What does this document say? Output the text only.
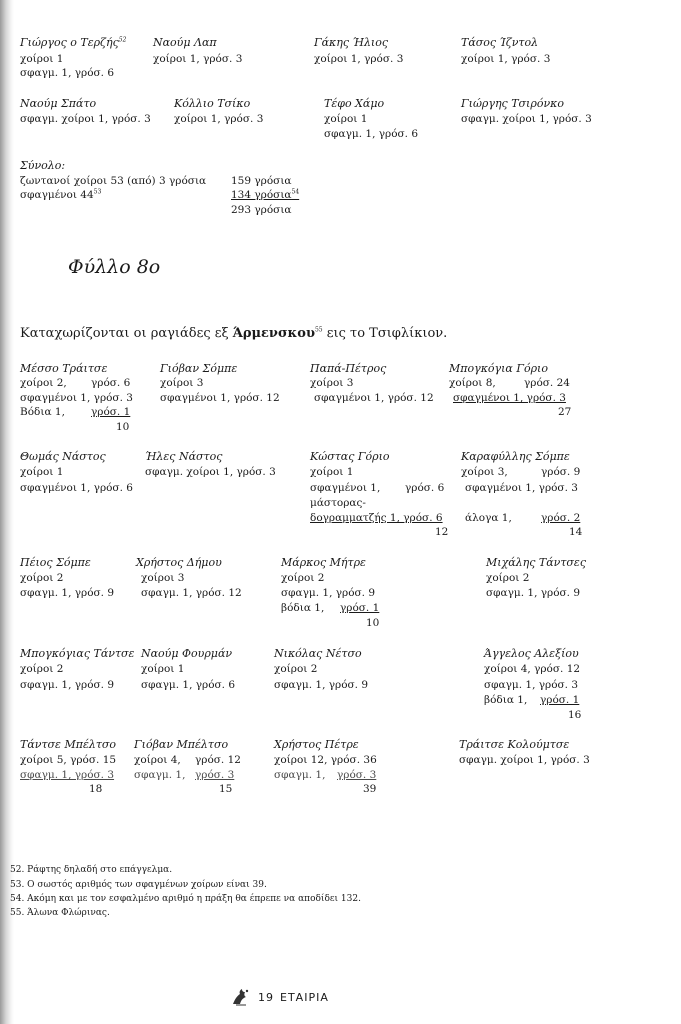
Γιώργος ο Τερζής$^{52}$
χοίροι 1
σφαγμ. 1, γρόσ. 6
Ναούμ Λαπ
χοίροι 1, γρόσ. 3
Γάκης Ήλιος
χοίροι 1, γρόσ. 3
Τάσος Ίζντολ
χοίροι 1, γρόσ. 3
Ναούμ Σπάτο
σφαγμ. χοίροι 1, γρόσ. 3
Κόλλιο Τσίκο
χοίροι 1, γρόσ. 3
Τέφο Χάμο
χοίροι 1
σφαγμ. 1, γρόσ. 6
Γιώργης Τσιρόνκο
σφαγμ. χοίροι 1, γρόσ. 3
Σύνολο:
ζωντανοί χοίροι 53 (από) 3 γρόσια 159 γρόσια
σφαγμένοι $44^{53}$	134 γρόσια$^{54}$
293 γρόσια
Φύλλο 8ο
Καταχωρίζονται οι ραγιάδες εξ Άρμενσκου$^{55}$ εις το Τσιφλίκιον.
Μέσσο Τράιτσε
χοίροι 2, γρόσ. 6
σφαγμένοι 1, γρόσ. 3
Βόδια 1, γρόσ. 1
10
Γιόβαν Σόμπε
χοίροι 3
σφαγμένοι 1, γρόσ. 12
Παπά-Πέτρος
χοίροι 3
σφαγμένοι 1, γρόσ. 12
Μπογκόγια Γόριο
χοίροι 8,	γρόσ. 24
σφαγμένοι 1, γρόσ. 3
27
Θωμάς Νάστος
χοίροι 1
σφαγμένοι 1, γρόσ. 6
Ήλες Νάστος
σφαγμ. χοίροι 1, γρόσ. 3
Κώστας Γόριο
χοίροι 1
σφαγμένοι 1, γρόσ. 6
μάστορας-
δογραμματζής 1, γρόσ. 6
12
Καραφύλλης Σόμπε
χοίροι 3,	γρόσ. 9
σφαγμένοι 1, γρόσ. 3
άλογα 1,	γρόσ. 2
14
Πέιος Σόμπε
χοίροι 2
σφαγμ. 1, γρόσ. 9
Χρήστος Δήμου
χοίροι 3
σφαγμ. 1, γρόσ. 12
Μάρκος Μήτρε
χοίροι 2
σφαγμ. 1, γρόσ. 9
βόδια 1, γρόσ. 1
10
Μιχάλης Τάντσες
χοίροι 2
σφαγμ. 1, γρόσ. 9
Μπογκόγιας Τάντσε
χοίροι 2
σφαγμ. 1, γρόσ. 9
Ναούμ Φουρμάν
χοίροι 1
σφαγμ. 1, γρόσ. 6
Νικόλας Νέτσο
χοίροι 2
σφαγμ. 1, γρόσ. 9
Άγγελος Αλεξίου
χοίροι 4, γρόσ. 12
σφαγμ. 1, γρόσ. 3
βόδια 1, γρόσ. 1
16
Τάντσε Μπέλτσο
χοίροι 5, γρόσ. 15
σφαγμ. 1, γρόσ. 3
18
Γιόβαν Μπέλτσο
χοίροι 4, γρόσ. 12
σφαγμ. 1, γρόσ. 3
15
Χρήστος Πέτρε
χοίροι 12, γρόσ. 36
σφαγμ. 1, γρόσ. 3
39
Τράιτσε Κολούμτσε
σφαγμ. χοίροι 1, γρόσ. 3
52. Ράφτης δηλαδή στο επάγγελμα.
53. Ο σωστός αριθμός των σφαγμένων χοίρων είναι 39.
54. Ακόμη και με τον εσφαλμένο αριθμό η πράξη θα έπρεπε να αποδίδει 132.
55. Άλωνα Φλώρινας.
19 ΕΤΑΙΡΙΑ
